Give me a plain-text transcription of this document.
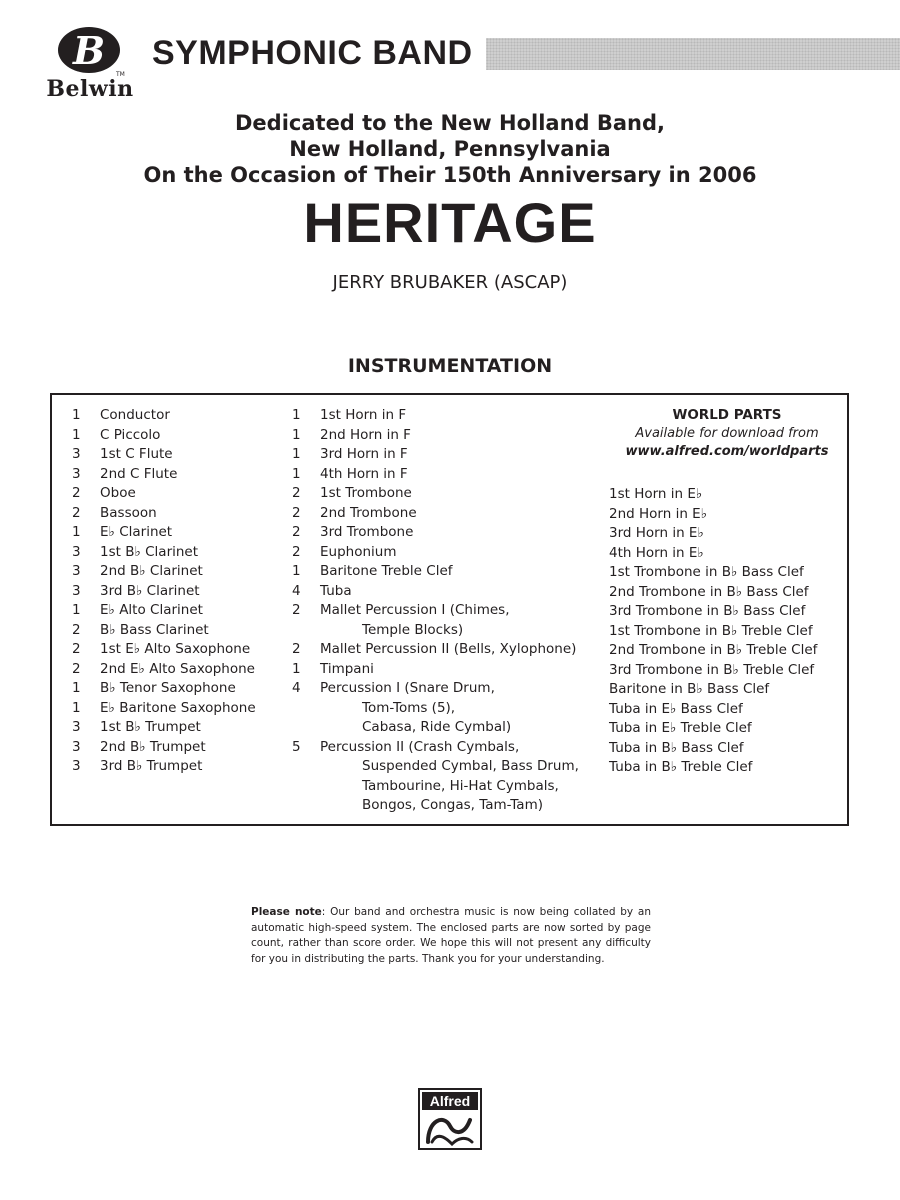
B
TM
Belwin
SYMPHONIC BAND
Dedicated to the New Holland Band,
New Holland, Pennsylvania
On the Occasion of Their 150th Anniversary in 2006
HERITAGE
JERRY BRUBAKER (ASCAP)
INSTRUMENTATION
1	Conductor
1	C Piccolo
3	1st C Flute
3	2nd C Flute
2	Oboe
2	Bassoon
1	E♭ Clarinet
3	1st B♭ Clarinet
3	2nd B♭ Clarinet
3	3rd B♭ Clarinet
1	E♭ Alto Clarinet
2	B♭ Bass Clarinet
2	1st E♭ Alto Saxophone
2	2nd E♭ Alto Saxophone
1	B♭ Tenor Saxophone
1	E♭ Baritone Saxophone
3	1st B♭ Trumpet
3	2nd B♭ Trumpet
3	3rd B♭ Trumpet
1	1st Horn in F
1	2nd Horn in F
1	3rd Horn in F
1	4th Horn in F
2	1st Trombone
2	2nd Trombone
2	3rd Trombone
2	Euphonium
1	Baritone Treble Clef
4	Tuba
2	Mallet Percussion I (Chimes,
Temple Blocks)
2	Mallet Percussion II (Bells, Xylophone)
1	Timpani
4	Percussion I (Snare Drum,
Tom-Toms (5),
Cabasa, Ride Cymbal)
5	Percussion II (Crash Cymbals,
Suspended Cymbal, Bass Drum,
Tambourine, Hi-Hat Cymbals,
Bongos, Congas, Tam-Tam)
WORLD PARTS
Available for download from
www.alfred.com/worldparts
1st Horn in E♭
2nd Horn in E♭
3rd Horn in E♭
4th Horn in E♭
1st Trombone in B♭ Bass Clef
2nd Trombone in B♭ Bass Clef
3rd Trombone in B♭ Bass Clef
1st Trombone in B♭ Treble Clef
2nd Trombone in B♭ Treble Clef
3rd Trombone in B♭ Treble Clef
Baritone in B♭ Bass Clef
Tuba in E♭ Bass Clef
Tuba in E♭ Treble Clef
Tuba in B♭ Bass Clef
Tuba in B♭ Treble Clef
Please note: Our band and orchestra music is now being collated by an automatic high-speed system. The enclosed parts are now sorted by page count, rather than score order. We hope this will not present any difficulty for you in distributing the parts. Thank you for your understanding.
Alfred
